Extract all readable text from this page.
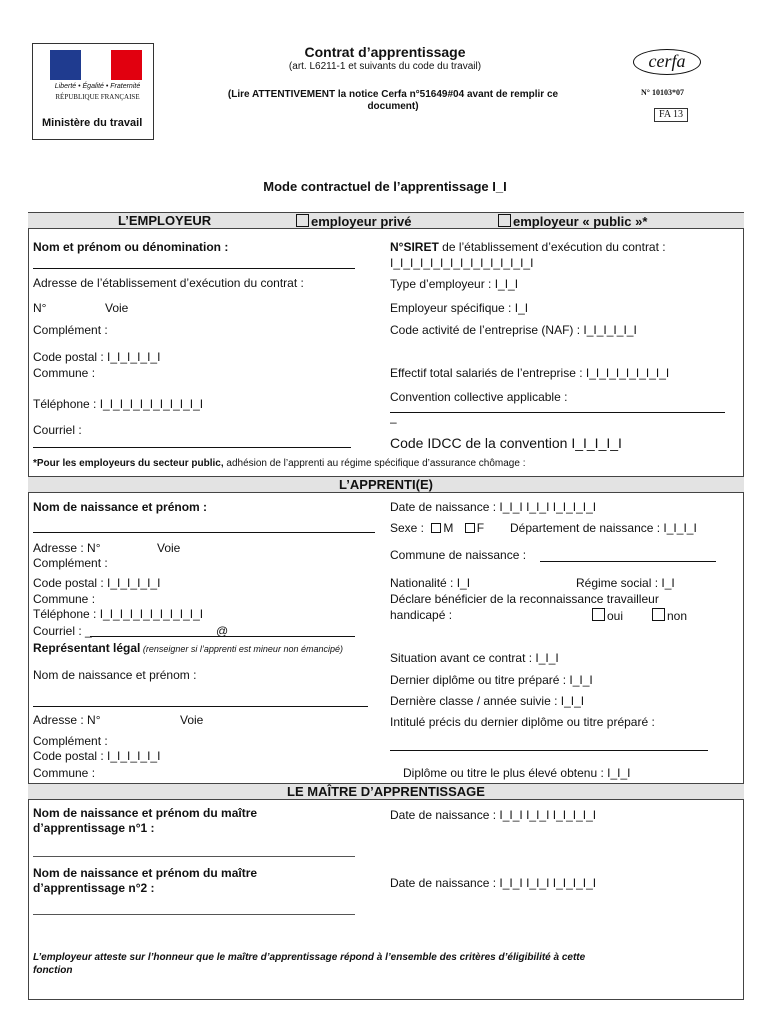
Liberté • Égalité • Fraternité
RÉPUBLIQUE FRANÇAISE
Ministère du travail
Contrat d’apprentissage
(art. L6211-1 et suivants du code du travail)
(Lire ATTENTIVEMENT la notice Cerfa n°51649#04 avant de remplir ce
document)
cerfa
N° 10103*07
FA 13
Mode contractuel de l’apprentissage I_I
L’EMPLOYEUR	employeur privé	employeur « public »*
Nom et prénom ou dénomination :	N°SIRET de l’établissement d’exécution du contrat :
I_I_I_I_I_I_I_I_I_I_I_I_I_I_I
Adresse de l’établissement d’exécution du contrat :	Type d’employeur : I_I_I
N°	Voie	Employeur spécifique : I_I
Complément :	Code activité de l’entreprise (NAF) : I_I_I_I_I_I
Code postal : I_I_I_I_I_I
Commune :	Effectif total salariés de l’entreprise : I_I_I_I_I_I_I_I_I
Convention collective applicable :
Téléphone : I_I_I_I_I_I_I_I_I_I_I
Courriel :
–
Code IDCC de la convention I_I_I_I_I
*Pour les employeurs du secteur public, adhésion de l’apprenti au régime spécifique d’assurance chômage :
L’APPRENTI(E)
Nom de naissance et prénom :	Date de naissance : I_I_I I_I_I I_I_I_I_I
Sexe : M F Département de naissance : I_I_I_I
Adresse : N°	Voie	Commune de naissance :
Complément :
Code postal : I_I_I_I_I_I	Nationalité : I_I	Régime social : I_I
Commune :	Déclare bénéficier de la reconnaissance travailleur
Téléphone : I_I_I_I_I_I_I_I_I_I_I	handicapé :	oui	non
Courriel : _	@
Représentant légal (renseigner si l’apprenti est mineur non émancipé)
Nom de naissance et prénom :
Situation avant ce contrat : I_I_I
Dernier diplôme ou titre préparé : I_I_I
Dernière classe / année suivie : I_I_I
Adresse : N°	Voie	Intitulé précis du dernier diplôme ou titre préparé :
Complément :
Code postal : I_I_I_I_I_I
Commune :	Diplôme ou titre le plus élevé obtenu : I_I_I
LE MAÎTRE D’APPRENTISSAGE
Nom de naissance et prénom du maître
d’apprentissage n°1 :
Date de naissance : I_I_I I_I_I I_I_I_I_I
Nom de naissance et prénom du maître
d’apprentissage n°2 :	Date de naissance : I_I_I I_I_I I_I_I_I_I
L’employeur atteste sur l’honneur que le maître d’apprentissage répond à l’ensemble des critères d’éligibilité à cette
fonction
